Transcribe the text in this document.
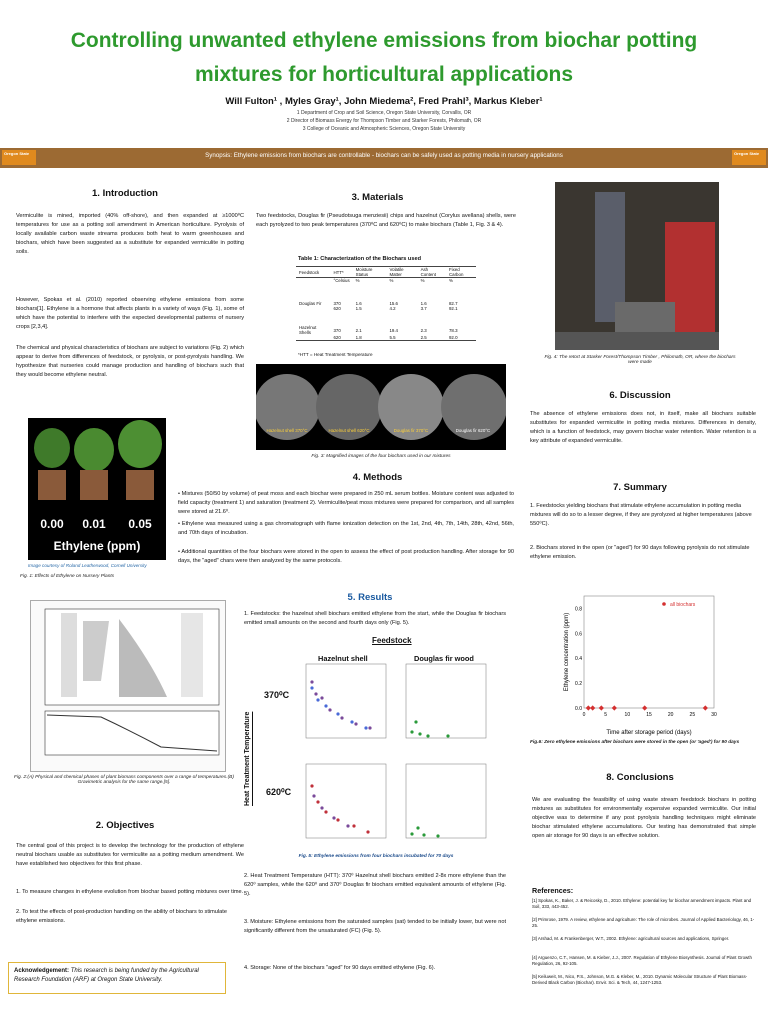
Controlling unwanted ethylene emissions from biochar potting
mixtures for horticultural applications
Will Fulton¹ , Myles Gray¹, John Miedema², Fred Prahl³, Markus Kleber¹
1 Department of Crop and Soil Science, Oregon State University, Corvallis, OR
2 Director of Biomass Energy for Thompson Timber and Starker Forests, Philomath, OR
3 College of Oceanic and Atmospheric Sciences, Oregon State University
Oregon State	Oregon State
Synopsis: Ethylene emissions from biochars are controllable - biochars can be safely used as potting media in nursery applications
1. Introduction
Vermiculite is mined, imported (40% off-shore), and then expanded at ≥1000⁰C temperatures for use as a potting soil amendment in American horticulture. Pyrolysis of locally available carbon waste streams produces both heat to warm greenhouses and biochars, which have been suggested as a substitute for expanded vermiculite in potting soils.
However, Spokas et al. (2010) reported observing ethylene emissions from some biochars[1]. Ethylene is a hormone that affects plants in a variety of ways (Fig. 1), some of which have the potential to interfere with the expected developmental patterns of nursery crops [2,3,4].
The chemical and physical characteristics of biochars are subject to variations (Fig. 2) which appear to derive from differences of feedstock, or pyrolysis, or post-pyrolysis handling. We hypothesize that nurseries could manage production and handling of biochars such that they would become ethylene neutral.
0.00 0.01 0.05
Ethylene (ppm)
Image courtesy of Roland Leatherwood, Cornell University
Fig. 1: Effects of Ethylene on Nursery Plants
Fig. 2:(A) Physical and chemical phases of plant biomass components over a range of temperatures.(B) Gravimetric analysis for the same range.[5].
2. Objectives
The central goal of this project is to develop the technology for the production of ethylene neutral biochars usable as substitutes for vermiculite as a potting medium amendment. We have established two objectives for this first phase.
1. To measure changes in ethylene evolution from biochar based potting mixtures over time.
2. To test the effects of post-production handling on the ability of biochars to stimulate ethylene emissions.
Acknowledgement: This research is being funded by the Agricultural Research Foundation (ARF) at Oregon State University.
3. Materials
Two feedstocks, Douglas fir (Pseudotsuga menziesii) chips and hazelnut (Corylus avellana) shells, were each pyrolyzed to two peak temperatures (370⁰C and 620⁰C) to make biochars (Table 1, Fig. 3 & 4).
Table 1: Characterization of the Biochars used
Feedstock	HTT*	Moisture Status	Volatile Matter	Ash Content	Fixed Carbon
	°Celsius	%	%	%	%

Douglas Fir	370	1.6	15.6	1.6	82.7
	620	1.5	4.2	3.7	92.1

Hazelnut Shells	370	2.1	19.4	2.3	78.3
	620	1.8	5.5	2.5	92.0
*HTT = Heat Treatment Temperature
Hazelnut shell 370°C	Hazelnut shell 620°C	Douglas fir 370°C	Douglas fir 620°C
Fig. 3: Magnified images of the four biochars used in our mixtures
4. Methods
• Mixtures (50/50 by volume) of peat moss and each biochar were prepared in 250 mL serum bottles. Moisture content was adjusted to field capacity (treatment 1) and saturation (treatment 2). Vermiculite/peat moss mixtures were prepared for comparison, and all samples were stored at 21.6⁰.
• Ethylene was measured using a gas chromatograph with flame ionization detection on the 1st, 2nd, 4th, 7th, 14th, 28th, 42nd, 56th, and 70th days of incubation.
• Additional quantities of the four biochars were stored in the open to assess the effect of post production handling. After storage for 90 days, the "aged" chars were then analyzed by the same protocols.
5. Results
1. Feedstocks: the hazelnut shell biochars emitted ethylene from the start, while the Douglas fir biochars emitted small amounts on the second and fourth days only (Fig. 5).
Feedstock
Hazelnut shell	Douglas fir wood
Heat Treatment Temperature
370⁰C
620⁰C
Fig. 5: Ethylene emissions from four biochars incubated for 70 days
2. Heat Treatment Temperature (HTT): 370⁰ Hazelnut shell biochars emitted 2-8x more ethylene than the 620⁰ samples, while the 620⁰ and 370⁰ Douglas fir biochars emitted equivalent amounts of ethylene (Fig. 5).
3. Moisture: Ethylene emissions from the saturated samples (sat) tended to be initially lower, but were not significantly different from the unsaturated (FC) (Fig. 5).
4. Storage: None of the biochars "aged" for 90 days emitted ethylene (Fig. 6).
Fig. 4: The retort at Starker Forest/Thompson Timber , Philomath, OR, where the biochars were made
6. Discussion
The absence of ethylene emissions does not, in itself, make all biochars suitable substitutes for expanded vermiculite in potting media mixtures. Differences in density, which is a function of feedstock, may govern biochar water retention. Water retention is a key attribute of expanded vermiculite.
7. Summary
1. Feedstocks yielding biochars that stimulate ethylene accumulation in potting media mixtures will do so to a lesser degree, if they are pyrolyzed at higher temperatures (above 550⁰C).
2. Biochars stored in the open (or "aged") for 90 days following pyrolysis do not stimulate ethylene emission.
0.0
0.2
0.4
0.6
0.8
0	5	10	15	20	25	30
Ethylene concentration (ppm)
Time after storage period (days)
all biochars
Fig.6: Zero ethylene emissions after biochars were stored in the open (or 'aged') for 90 days
8. Conclusions
We are evaluating the feasibility of using waste stream feedstock biochars in potting mixtures as substitutes for environmentally expensive expanded vermiculite. Our initial objective was to determine if any post pyrolysis handling techniques might eliminate biochar stimulated ethylene accumulations. Our testing has demonstrated that simple open air storage for 90 days is an effective solution.
References:
[1] Spokas, K., Baker, J. & Reicosky, D., 2010. Ethylene: potential key for biochar amendment impacts. Plant and Soil, 333, 443-452.
[2] Primrose, 1979. A review, ethylene and agriculture: The role of microbes. Journal of Applied Bacteriology, 46, 1-25.
[3] Arshad, M. & Frankenberger, W.T., 2002. Ethylene: agricultural sources and applications, Springer.
[4] Arguenzo, C.T., Hansen, M. & Kieber, J.J., 2007. Regulation of Ethylene Biosynthesis. Journal of Plant Growth Regulation, 26, 92-105.
[5] Keiluweit, M., Nico, P.S., Johnson, M.G. & Kleber, M., 2010. Dynamic Molecular Structure of Plant Biomass-Derived Black Carbon (Biochar). Envir. Sci. & Tech, 44, 1247-1253.
